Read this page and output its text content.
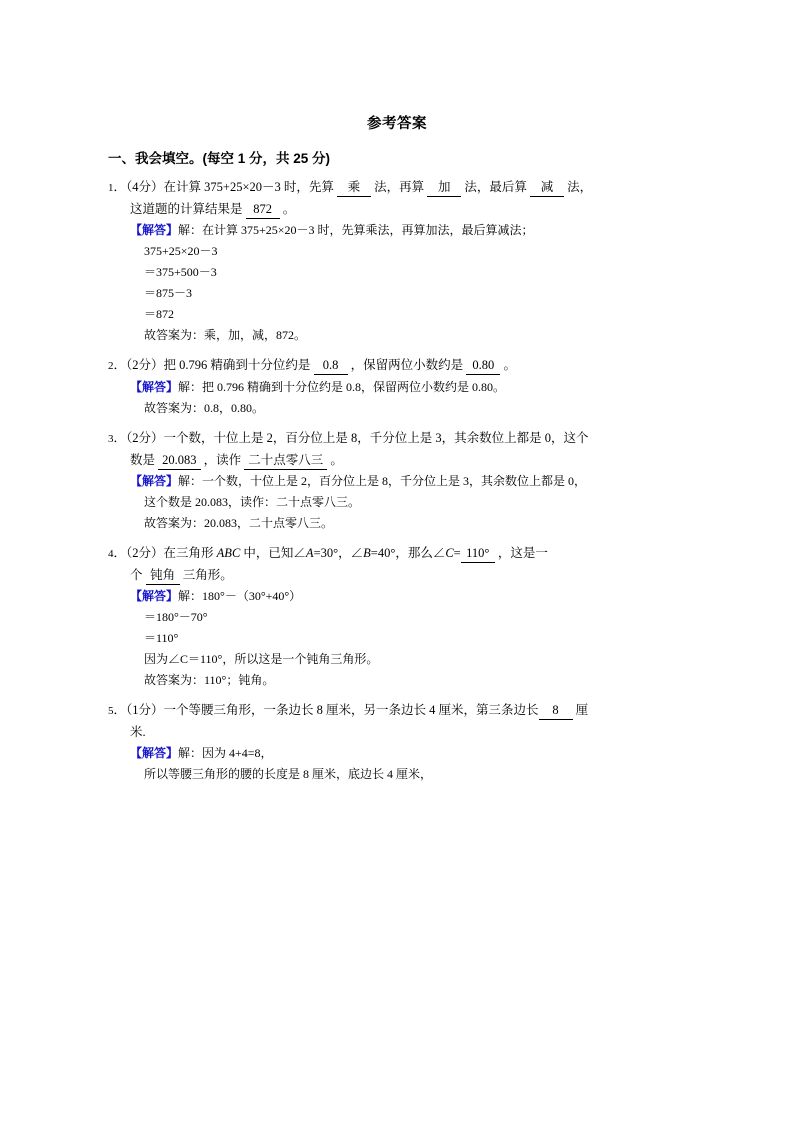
参考答案
一、我会填空。(每空 1 分，共 25 分)
1．（4分）在计算 375+25×20－3 时，先算 乘 法，再算 加 法，最后算 减 法，
这道题的计算结果是 872 。
【解答】解：在计算 375+25×20－3 时，先算乘法，再算加法，最后算减法；
375+25×20－3
＝375+500－3
＝875－3
＝872
故答案为：乘，加，减，872。
2．（2分）把 0.796 精确到十分位约是 0.8 ，保留两位小数约是 0.80 。
【解答】解：把 0.796 精确到十分位约是 0.8，保留两位小数约是 0.80。
故答案为：0.8，0.80。
3．（2分）一个数，十位上是 2，百分位上是 8，千分位上是 3，其余数位上都是 0，这个
数是 20.083 ，读作 二十点零八三 。
【解答】解：一个数，十位上是 2，百分位上是 8，千分位上是 3，其余数位上都是 0，
这个数是 20.083，读作：二十点零八三。
故答案为：20.083，二十点零八三。
4．（2分）在三角形 ABC 中，已知∠A=30°，∠B=40°，那么∠C= 110° ，这是一
个 钝角 三角形。
【解答】解：180°－（30°+40°）
＝180°－70°
＝110°
因为∠C＝110°，所以这是一个钝角三角形。
故答案为：110°；钝角。
5．（1分）一个等腰三角形，一条边长 8 厘米，另一条边长 4 厘米，第三条边长 8 厘
米.
【解答】解：因为 4+4=8，
所以等腰三角形的腰的长度是 8 厘米，底边长 4 厘米，
